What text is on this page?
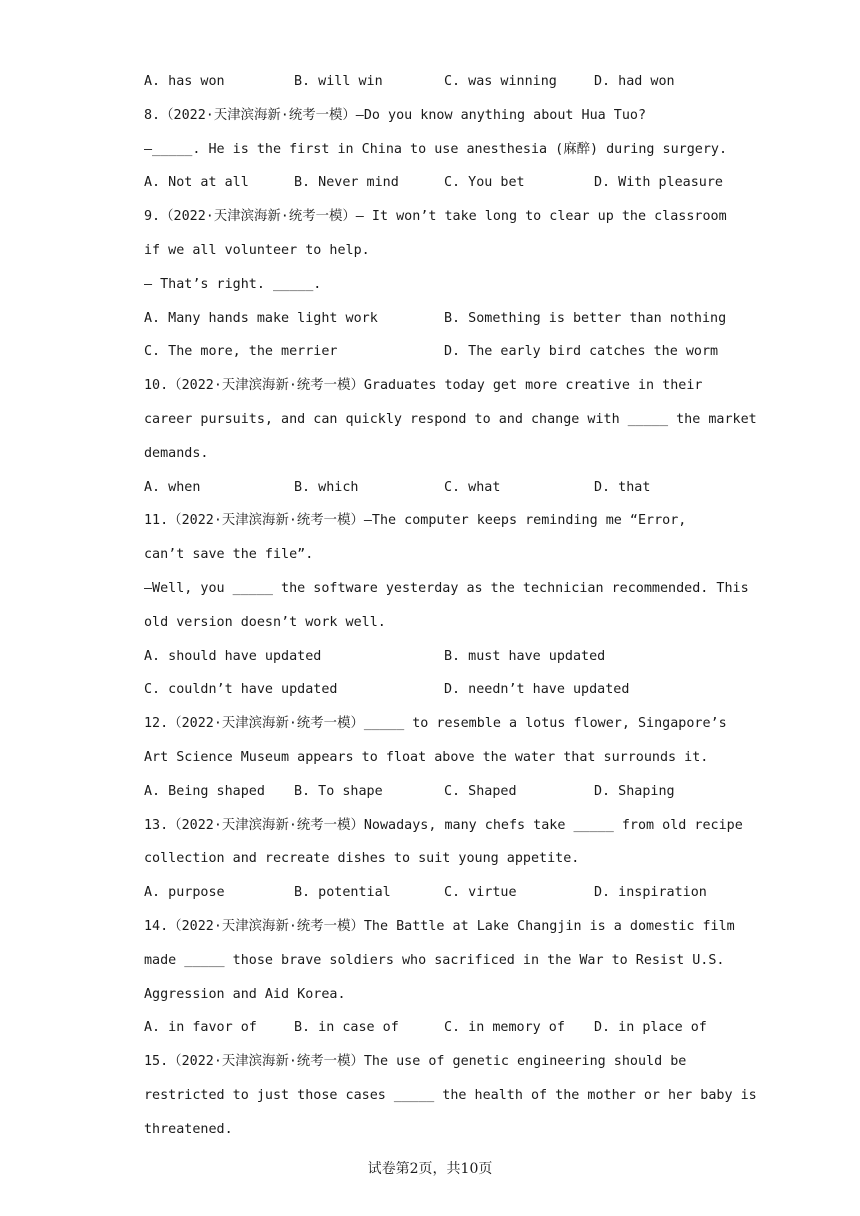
A. has won	B. will win	C. was winning	D. had won
8.（2022·天津滨海新·统考一模）—Do you know anything about Hua Tuo?
—_____. He is the first in China to use anesthesia (麻醉) during surgery.
A. Not at all	B. Never mind	C. You bet	D. With pleasure
9.（2022·天津滨海新·统考一模）— It won’t take long to clear up the classroom
if we all volunteer to help.
— That’s right. _____.
A. Many hands make light work	B. Something is better than nothing
C. The more, the merrier	D. The early bird catches the worm
10.（2022·天津滨海新·统考一模）Graduates today get more creative in their
career pursuits, and can quickly respond to and change with _____ the market
demands.
A. when	B. which	C. what	D. that
11.（2022·天津滨海新·统考一模）—The computer keeps reminding me “Error,
can’t save the file”.
—Well, you _____ the software yesterday as the technician recommended. This
old version doesn’t work well.
A. should have updated	B. must have updated
C. couldn’t have updated	D. needn’t have updated
12.（2022·天津滨海新·统考一模）_____ to resemble a lotus flower, Singapore’s
Art Science Museum appears to float above the water that surrounds it.
A. Being shaped B. To shape	C. Shaped	D. Shaping
13.（2022·天津滨海新·统考一模）Nowadays, many chefs take _____ from old recipe
collection and recreate dishes to suit young appetite.
A. purpose	B. potential	C. virtue	D. inspiration
14.（2022·天津滨海新·统考一模）The Battle at Lake Changjin is a domestic film
made _____ those brave soldiers who sacrificed in the War to Resist U.S.
Aggression and Aid Korea.
A. in favor of	B. in case of	C. in memory of D. in place of
15.（2022·天津滨海新·统考一模）The use of genetic engineering should be
restricted to just those cases _____ the health of the mother or her baby is
threatened.
试卷第2页，共10页
